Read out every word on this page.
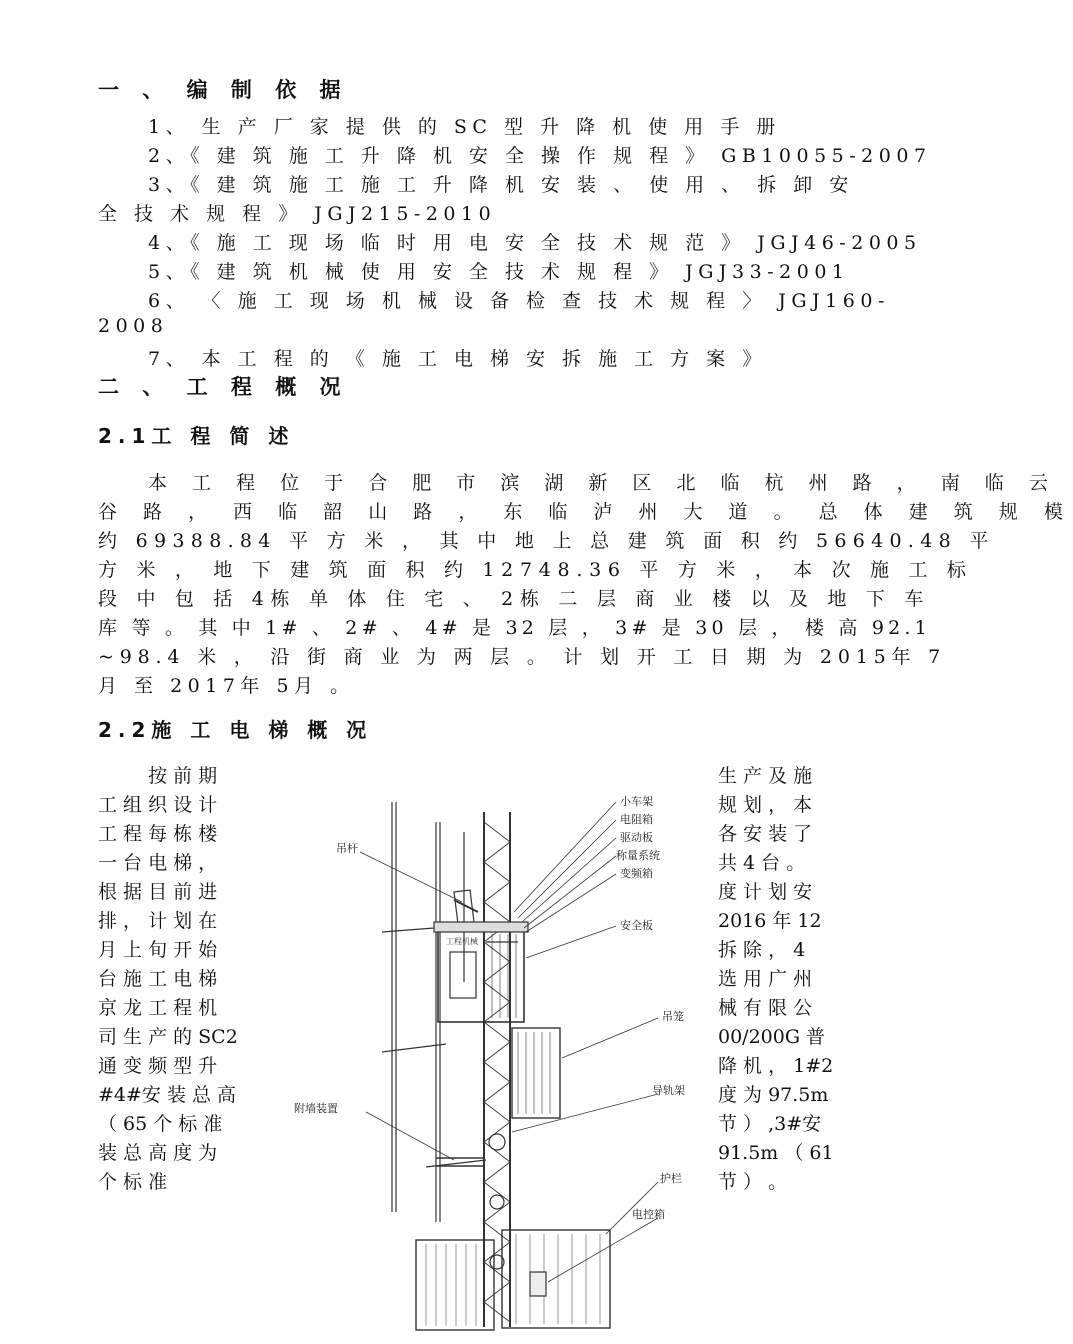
一 、 编 制 依 据
1、 生 产 厂 家 提 供 的 SC 型 升 降 机 使 用 手 册
2、《 建 筑 施 工 升 降 机 安 全 操 作 规 程 》 GB10055-2007
3、《 建 筑 施 工 施 工 升 降 机 安 装 、 使 用 、 拆 卸 安
全 技 术 规 程 》 JGJ215-2010
4、《 施 工 现 场 临 时 用 电 安 全 技 术 规 范 》 JGJ46-2005
5、《 建 筑 机 械 使 用 安 全 技 术 规 程 》 JGJ33-2001
6、 〈 施 工 现 场 机 械 设 备 检 查 技 术 规 程 〉 JGJ160-
2008
7、 本 工 程 的 《 施 工 电 梯 安 拆 施 工 方 案 》
二 、 工 程 概 况
2.1工 程 简 述
本 工 程 位 于 合 肥 市 滨 湖 新 区 北 临 杭 州 路 ， 南 临 云
谷 路 ， 西 临 韶 山 路 ， 东 临 泸 州 大 道 。 总 体 建 筑 规 模
约 69388.84 平 方 米 ， 其 中 地 上 总 建 筑 面 积 约 56640.48 平
方 米 ， 地 下 建 筑 面 积 约 12748.36 平 方 米 ， 本 次 施 工 标
段 中 包 括 4栋 单 体 住 宅 、 2栋 二 层 商 业 楼 以 及 地 下 车
库 等 。 其 中 1# 、 2# 、 4# 是 32 层 ， 3# 是 30 层 ， 楼 高 92.1
~98.4 米 ， 沿 街 商 业 为 两 层 。 计 划 开 工 日 期 为 2015年 7
月 至 2017年 5月 。
2.2施 工 电 梯 概 况
按 前 期
工 组 织 设 计
工 程 每 栋 楼
一 台 电 梯 ，
根 据 目 前 进
排 ， 计 划 在
月 上 旬 开 始
台 施 工 电 梯
京 龙 工 程 机
司 生 产 的 SC2
通 变 频 型 升
#4#安 装 总 高
（ 65 个 标 准
装 总 高 度 为
个 标 准
生 产 及 施
规 划 ， 本
各 安 装 了
共 4 台 。
度 计 划 安
2016 年 12
拆 除 ， 4
选 用 广 州
械 有 限 公
00/200G 普
降 机 ， 1#2
度 为 97.5m
节 ） ,3#安
91.5m （ 61
节 ） 。
小车架
电阻箱
驱动板
称量系统
变频箱
安全板
吊杆
吊笼
导轨架
附墙装置
护栏
电控箱
工程机械
